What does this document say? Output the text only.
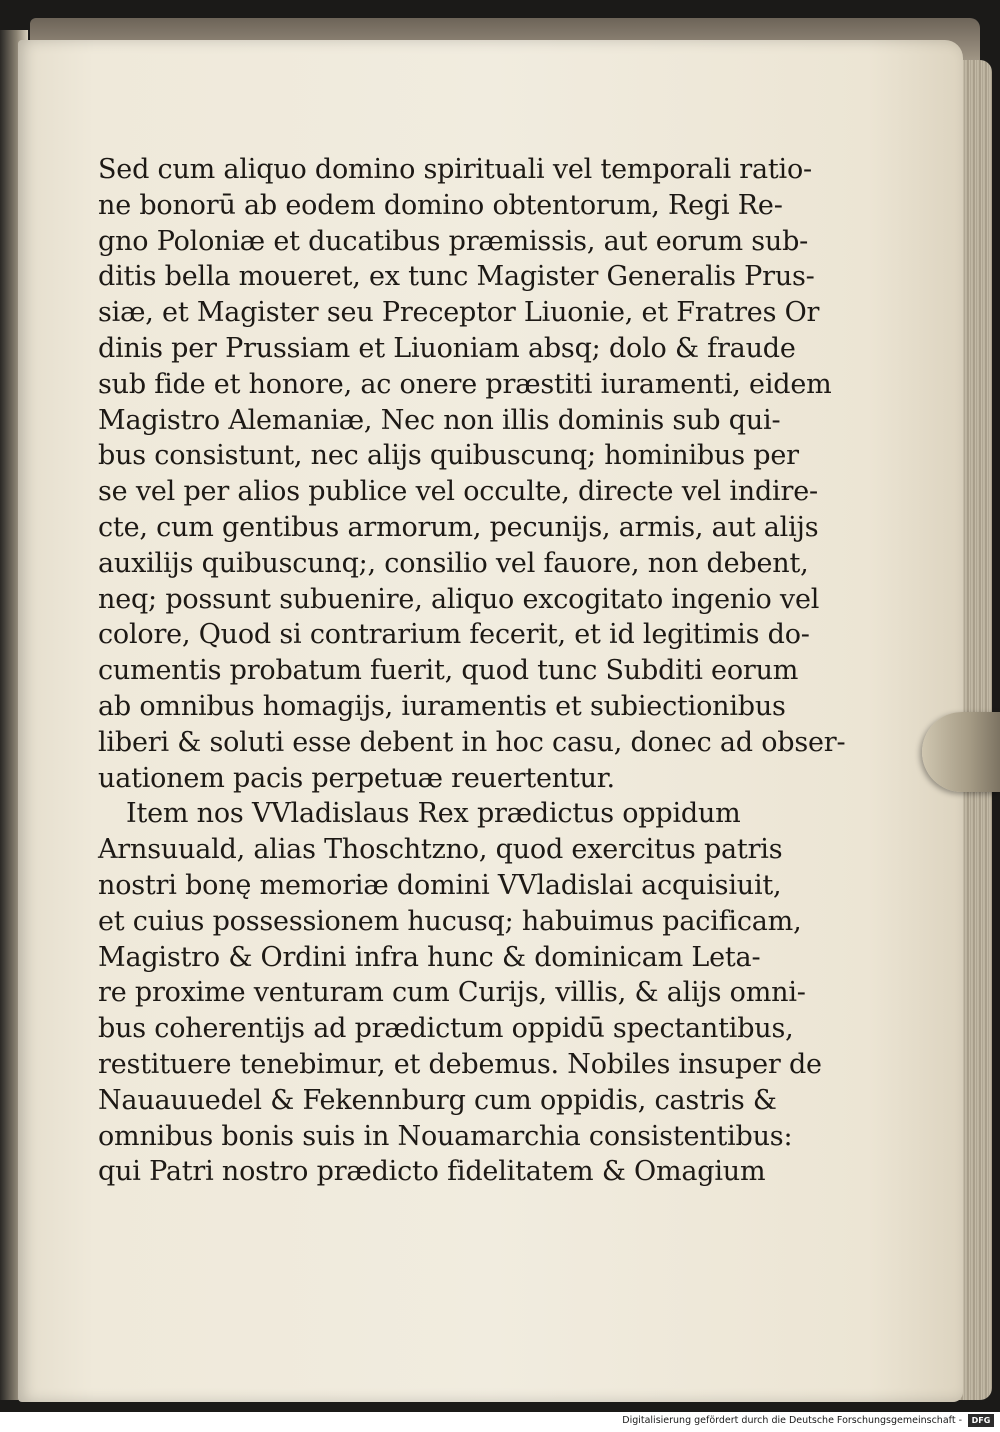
Sed cum aliquo domino spirituali vel temporali ratio‑
ne bonorū ab eodem domino obtentorum, Regi Re‑
gno Poloniæ et ducatibus præmissis, aut eorum sub‑
ditis bella moueret, ex tunc Magister Generalis Prus‑
siæ, et Magister seu Preceptor Liuonie, et Fratres Or
dinis per Prussiam et Liuoniam absq; dolo & fraude
sub fide et honore, ac onere præstiti iuramenti, eidem
Magistro Alemaniæ, Nec non illis dominis sub qui‑
bus consistunt, nec alijs quibuscunq; hominibus per
se vel per alios publice vel occulte, directe vel indire‑
cte, cum gentibus armorum, pecunijs, armis, aut alijs
auxilijs quibuscunq;, consilio vel fauore, non debent,
neq; possunt subuenire, aliquo excogitato ingenio vel
colore, Quod si contrarium fecerit, et id legitimis do‑
cumentis probatum fuerit, quod tunc Subditi eorum
ab omnibus homagijs, iuramentis et subiectionibus
liberi & soluti esse debent in hoc casu, donec ad obser‑
uationem pacis perpetuæ reuertentur.
Item nos VVladislaus Rex prædictus oppidum
Arnsuuald, alias Thoschtzno, quod exercitus patris
nostri bonę memoriæ domini VVladislai acquisiuit,
et cuius possessionem hucusq; habuimus pacificam,
Magistro & Ordini infra hunc & dominicam Leta‑
re proxime venturam cum Curijs, villis, & alijs omni‑
bus coherentijs ad prædictum oppidū spectantibus,
restituere tenebimur, et debemus. Nobiles insuper de
Nauauuedel & Fekennburg cum oppidis, castris &
omnibus bonis suis in Nouamarchia consistentibus:
qui Patri nostro prædicto fidelitatem & Omagium
Digitalisierung gefördert durch die Deutsche Forschungsgemeinschaft -	DFG
